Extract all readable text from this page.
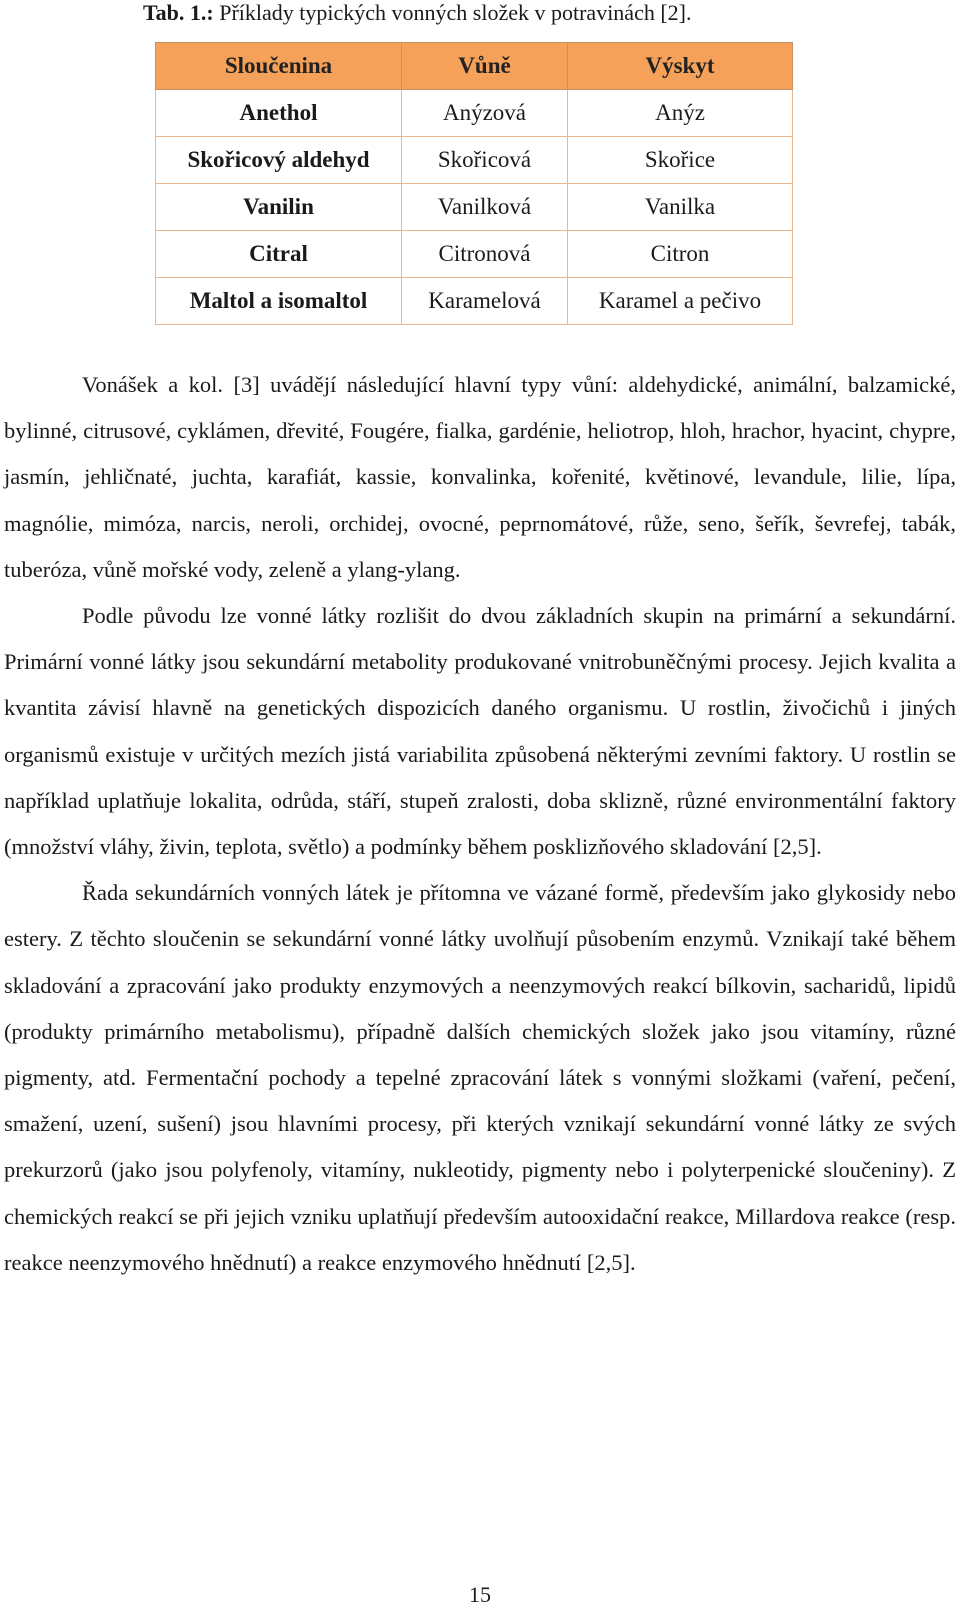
Tab. 1.: Příklady typických vonných složek v potravinách [2].
Sloučenina	Vůně	Výskyt
Anethol	Anýzová	Anýz
Skořicový aldehyd	Skořicová	Skořice
Vanilin	Vanilková	Vanilka
Citral	Citronová	Citron
Maltol a isomaltol	Karamelová	Karamel a pečivo

Vonášek a kol. [3] uvádějí následující hlavní typy vůní: aldehydické, animální, balzamické, bylinné, citrusové, cyklámen, dřevité, Fougére, fialka, gardénie, heliotrop, hloh, hrachor, hyacint, chypre, jasmín, jehličnaté, juchta, karafiát, kassie, konvalinka, kořenité, květinové, levandule, lilie, lípa, magnólie, mimóza, narcis, neroli, orchidej, ovocné, peprnomátové, růže, seno, šeřík, ševrefej, tabák, tuberóza, vůně mořské vody, zeleně a ylang-ylang.

Podle původu lze vonné látky rozlišit do dvou základních skupin na primární a sekundární. Primární vonné látky jsou sekundární metabolity produkované vnitrobuněčnými procesy. Jejich kvalita a kvantita závisí hlavně na genetických dispozicích daného organismu. U rostlin, živočichů i jiných organismů existuje v určitých mezích jistá variabilita způsobená některými zevními faktory. U rostlin se například uplatňuje lokalita, odrůda, stáří, stupeň zralosti, doba sklizně, různé environmentální faktory (množství vláhy, živin, teplota, světlo) a podmínky během posklizňového skladování [2,5].

Řada sekundárních vonných látek je přítomna ve vázané formě, především jako glykosidy nebo estery. Z těchto sloučenin se sekundární vonné látky uvolňují působením enzymů. Vznikají také během skladování a zpracování jako produkty enzymových a neenzymových reakcí bílkovin, sacharidů, lipidů (produkty primárního metabolismu), případně dalších chemických složek jako jsou vitamíny, různé pigmenty, atd. Fermentační pochody a tepelné zpracování látek s vonnými složkami (vaření, pečení, smažení, uzení, sušení) jsou hlavními procesy, při kterých vznikají sekundární vonné látky ze svých prekurzorů (jako jsou polyfenoly, vitamíny, nukleotidy, pigmenty nebo i polyterpenické sloučeniny). Z chemických reakcí se při jejich vzniku uplatňují především autooxidační reakce, Millardova reakce (resp. reakce neenzymového hnědnutí) a reakce enzymového hnědnutí [2,5].

15
